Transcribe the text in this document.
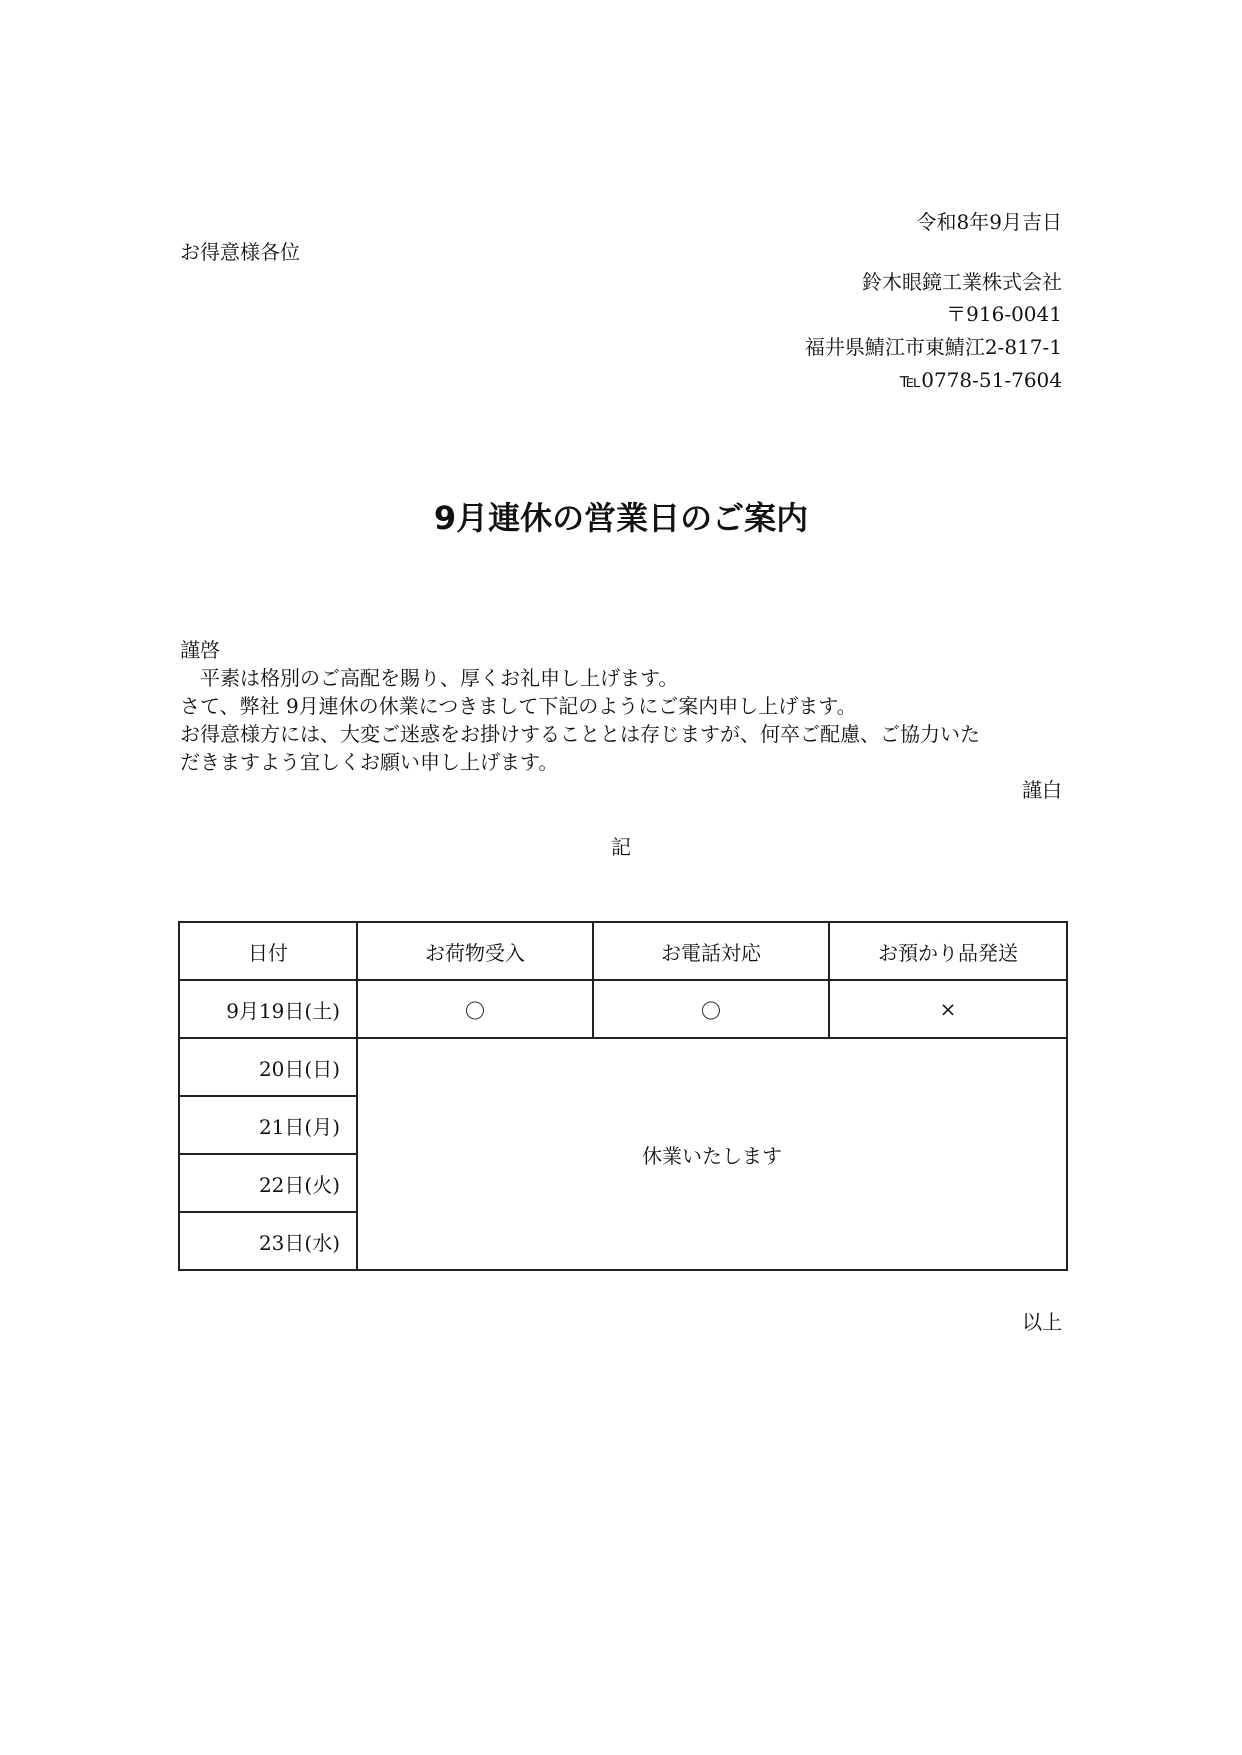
令和8年9月吉日
お得意様各位
鈴木眼鏡工業株式会社
〒916-0041
福井県鯖江市東鯖江2-817-1
℡0778-51-7604
9月連休の営業日のご案内
謹啓
平素は格別のご高配を賜り、厚くお礼申し上げます。
さて、弊社 9月連休の休業につきまして下記のようにご案内申し上げます。
お得意様方には、大変ご迷惑をお掛けすることとは存じますが、何卒ご配慮、ご協力いた
だきますよう宜しくお願い申し上げます。
謹白
記
日付	お荷物受入	お電話対応	お預かり品発送
9月19日(土)	〇	〇	×
20日(日)	休業いたします		
21日(月)			
22日(火)			
23日(水)			
以上
